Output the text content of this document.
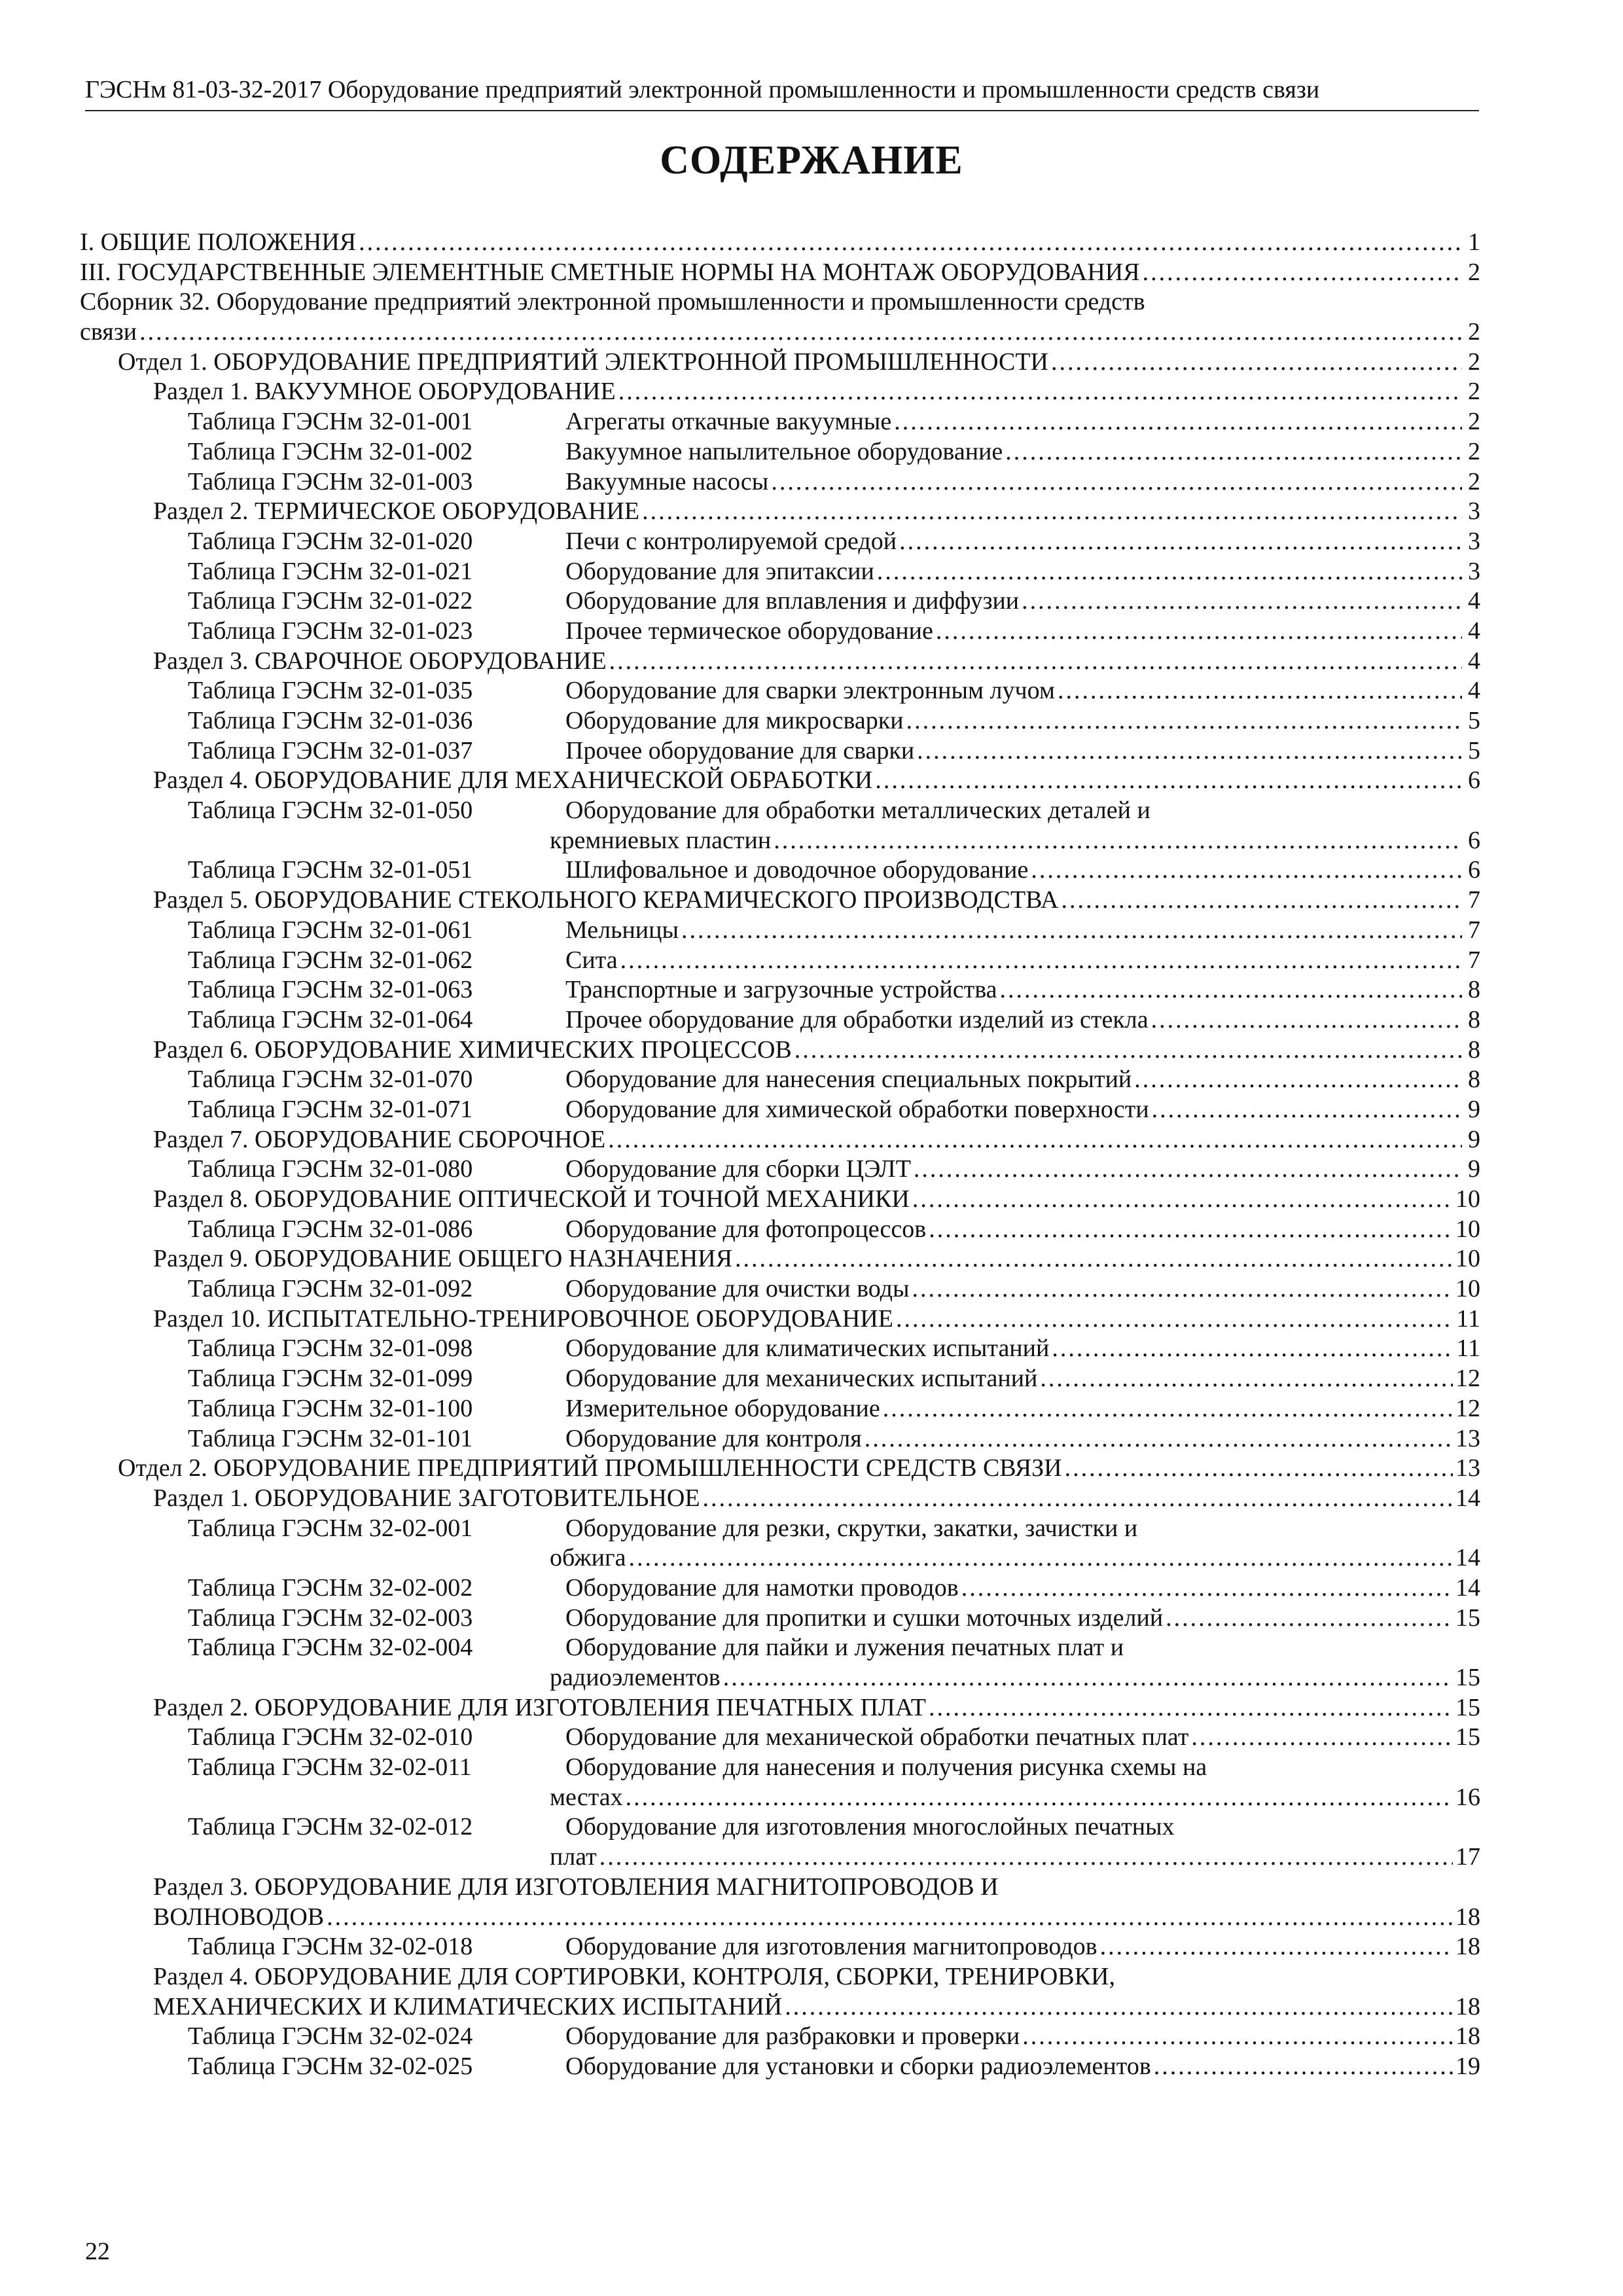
ГЭСНм 81-03-32-2017 Оборудование предприятий электронной промышленности и промышленности средств связи
СОДЕРЖАНИЕ
I. ОБЩИЕ ПОЛОЖЕНИЯ .....	1
III. ГОСУДАРСТВЕННЫЕ ЭЛЕМЕНТНЫЕ СМЕТНЫЕ НОРМЫ НА МОНТАЖ ОБОРУДОВАНИЯ .....	2
Сборник 32. Оборудование предприятий электронной промышленности и промышленности средств
связи .....	2
Отдел 1. ОБОРУДОВАНИЕ ПРЕДПРИЯТИЙ ЭЛЕКТРОННОЙ ПРОМЫШЛЕННОСТИ .....	2
Раздел 1. ВАКУУМНОЕ ОБОРУДОВАНИЕ .....	2
Таблица ГЭСНм 32-01-001	Агрегаты откачные вакуумные .....	2
Таблица ГЭСНм 32-01-002	Вакуумное напылительное оборудование .....	2
Таблица ГЭСНм 32-01-003	Вакуумные насосы .....	2
Раздел 2. ТЕРМИЧЕСКОЕ ОБОРУДОВАНИЕ .....	3
Таблица ГЭСНм 32-01-020	Печи с контролируемой средой .....	3
Таблица ГЭСНм 32-01-021	Оборудование для эпитаксии .....	3
Таблица ГЭСНм 32-01-022	Оборудование для вплавления и диффузии .....	4
Таблица ГЭСНм 32-01-023	Прочее термическое оборудование .....	4
Раздел 3. СВАРОЧНОЕ ОБОРУДОВАНИЕ .....	4
Таблица ГЭСНм 32-01-035	Оборудование для сварки электронным лучом .....	4
Таблица ГЭСНм 32-01-036	Оборудование для микросварки .....	5
Таблица ГЭСНм 32-01-037	Прочее оборудование для сварки .....	5
Раздел 4. ОБОРУДОВАНИЕ ДЛЯ МЕХАНИЧЕСКОЙ ОБРАБОТКИ .....	6
Таблица ГЭСНм 32-01-050	Оборудование для обработки металлических деталей и
кремниевых пластин .....	6
Таблица ГЭСНм 32-01-051	Шлифовальное и доводочное оборудование .....	6
Раздел 5. ОБОРУДОВАНИЕ СТЕКОЛЬНОГО КЕРАМИЧЕСКОГО ПРОИЗВОДСТВА .....	7
Таблица ГЭСНм 32-01-061	Мельницы .....	7
Таблица ГЭСНм 32-01-062	Сита .....	7
Таблица ГЭСНм 32-01-063	Транспортные и загрузочные устройства .....	8
Таблица ГЭСНм 32-01-064	Прочее оборудование для обработки изделий из стекла .....	8
Раздел 6. ОБОРУДОВАНИЕ ХИМИЧЕСКИХ ПРОЦЕССОВ .....	8
Таблица ГЭСНм 32-01-070	Оборудование для нанесения специальных покрытий .....	8
Таблица ГЭСНм 32-01-071	Оборудование для химической обработки поверхности .....	9
Раздел 7. ОБОРУДОВАНИЕ СБОРОЧНОЕ .....	9
Таблица ГЭСНм 32-01-080	Оборудование для сборки ЦЭЛТ .....	9
Раздел 8. ОБОРУДОВАНИЕ ОПТИЧЕСКОЙ И ТОЧНОЙ МЕХАНИКИ .....	10
Таблица ГЭСНм 32-01-086	Оборудование для фотопроцессов .....	10
Раздел 9. ОБОРУДОВАНИЕ ОБЩЕГО НАЗНАЧЕНИЯ .....	10
Таблица ГЭСНм 32-01-092	Оборудование для очистки воды .....	10
Раздел 10. ИСПЫТАТЕЛЬНО-ТРЕНИРОВОЧНОЕ ОБОРУДОВАНИЕ .....	11
Таблица ГЭСНм 32-01-098	Оборудование для климатических испытаний .....	11
Таблица ГЭСНм 32-01-099	Оборудование для механических испытаний .....	12
Таблица ГЭСНм 32-01-100	Измерительное оборудование .....	12
Таблица ГЭСНм 32-01-101	Оборудование для контроля .....	13
Отдел 2. ОБОРУДОВАНИЕ ПРЕДПРИЯТИЙ ПРОМЫШЛЕННОСТИ СРЕДСТВ СВЯЗИ .....	13
Раздел 1. ОБОРУДОВАНИЕ ЗАГОТОВИТЕЛЬНОЕ .....	14
Таблица ГЭСНм 32-02-001	Оборудование для резки, скрутки, закатки, зачистки и
обжига .....	14
Таблица ГЭСНм 32-02-002	Оборудование для намотки проводов .....	14
Таблица ГЭСНм 32-02-003	Оборудование для пропитки и сушки моточных изделий .....	15
Таблица ГЭСНм 32-02-004	Оборудование для пайки и лужения печатных плат и
радиоэлементов .....	15
Раздел 2. ОБОРУДОВАНИЕ ДЛЯ ИЗГОТОВЛЕНИЯ ПЕЧАТНЫХ ПЛАТ .....	15
Таблица ГЭСНм 32-02-010	Оборудование для механической обработки печатных плат .....	15
Таблица ГЭСНм 32-02-011	Оборудование для нанесения и получения рисунка схемы на
местах .....	16
Таблица ГЭСНм 32-02-012	Оборудование для изготовления многослойных печатных
плат .....	17
Раздел 3. ОБОРУДОВАНИЕ ДЛЯ ИЗГОТОВЛЕНИЯ МАГНИТОПРОВОДОВ И
ВОЛНОВОДОВ .....	18
Таблица ГЭСНм 32-02-018	Оборудование для изготовления магнитопроводов .....	18
Раздел 4. ОБОРУДОВАНИЕ ДЛЯ СОРТИРОВКИ, КОНТРОЛЯ, СБОРКИ, ТРЕНИРОВКИ,
МЕХАНИЧЕСКИХ И КЛИМАТИЧЕСКИХ ИСПЫТАНИЙ .....	18
Таблица ГЭСНм 32-02-024	Оборудование для разбраковки и проверки .....	18
Таблица ГЭСНм 32-02-025	Оборудование для установки и сборки радиоэлементов .....	19
22
